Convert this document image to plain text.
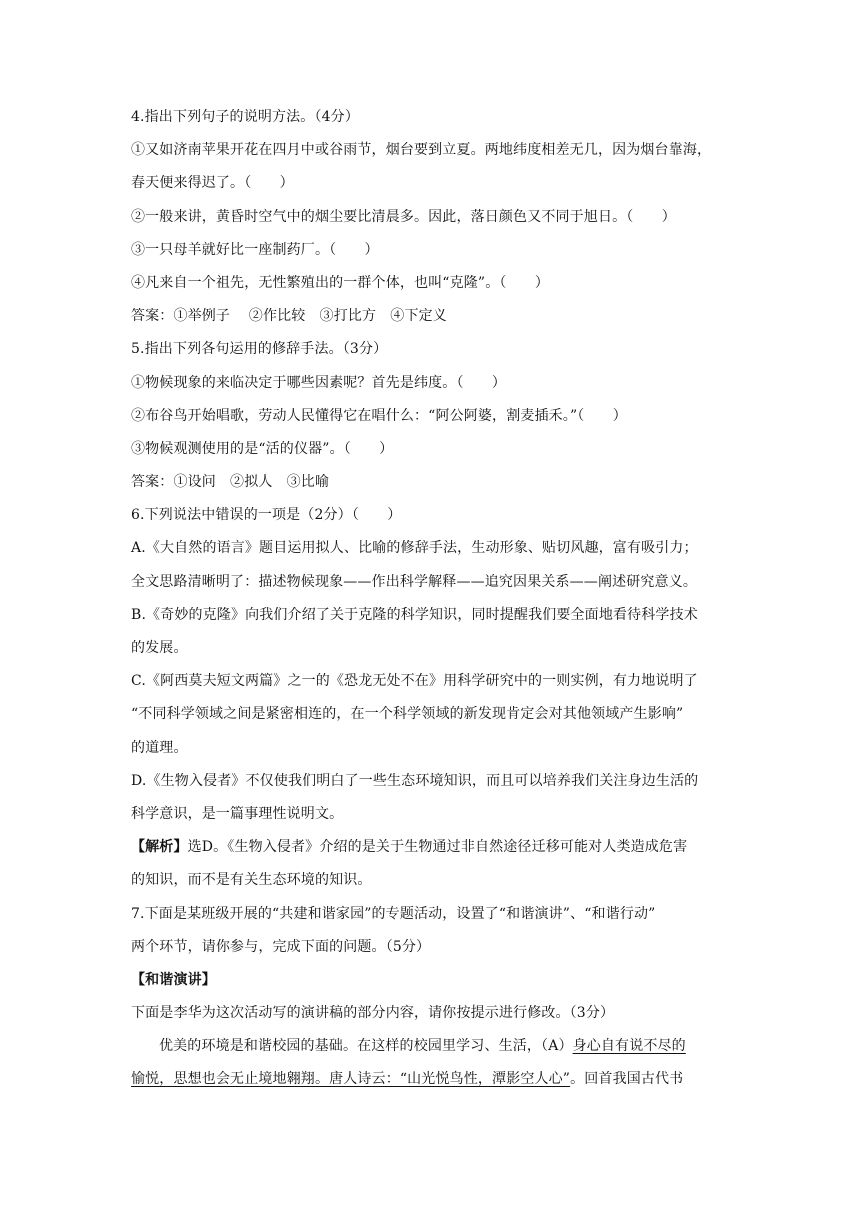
4.指出下列句子的说明方法。（4分）
①又如济南苹果开花在四月中或谷雨节，烟台要到立夏。两地纬度相差无几，因为烟台靠海，
春天便来得迟了。（　　）
②一般来讲，黄昏时空气中的烟尘要比清晨多。因此，落日颜色又不同于旭日。（　　）
③一只母羊就好比一座制药厂。（　　）
④凡来自一个祖先，无性繁殖出的一群个体，也叫“克隆”。（　　）
答案：①举例子　 ②作比较　③打比方　④下定义
5.指出下列各句运用的修辞手法。（3分）
①物候现象的来临决定于哪些因素呢？首先是纬度。（　　）
②布谷鸟开始唱歌，劳动人民懂得它在唱什么：“阿公阿婆，割麦插禾。”（　　）
③物候观测使用的是“活的仪器”。（　　）
答案：①设问　②拟人　③比喻
6.下列说法中错误的一项是（2分）（　　）
A.《大自然的语言》题目运用拟人、比喻的修辞手法，生动形象、贴切风趣，富有吸引力；
全文思路清晰明了：描述物候现象——作出科学解释——追究因果关系——阐述研究意义。
B.《奇妙的克隆》向我们介绍了关于克隆的科学知识，同时提醒我们要全面地看待科学技术
的发展。
C.《阿西莫夫短文两篇》之一的《恐龙无处不在》用科学研究中的一则实例，有力地说明了
“不同科学领域之间是紧密相连的，在一个科学领域的新发现肯定会对其他领域产生影响”
的道理。
D.《生物入侵者》不仅使我们明白了一些生态环境知识，而且可以培养我们关注身边生活的
科学意识，是一篇事理性说明文。
【解析】选D。《生物入侵者》介绍的是关于生物通过非自然途径迁移可能对人类造成危害
的知识，而不是有关生态环境的知识。
7.下面是某班级开展的“共建和谐家园”的专题活动，设置了“和谐演讲”、“和谐行动”
两个环节，请你参与，完成下面的问题。（5分）
【和谐演讲】
下面是李华为这次活动写的演讲稿的部分内容，请你按提示进行修改。（3分）
优美的环境是和谐校园的基础。在这样的校园里学习、生活，（A）身心自有说不尽的
愉悦，思想也会无止境地翱翔。唐人诗云：“山光悦鸟性，潭影空人心”。回首我国古代书
